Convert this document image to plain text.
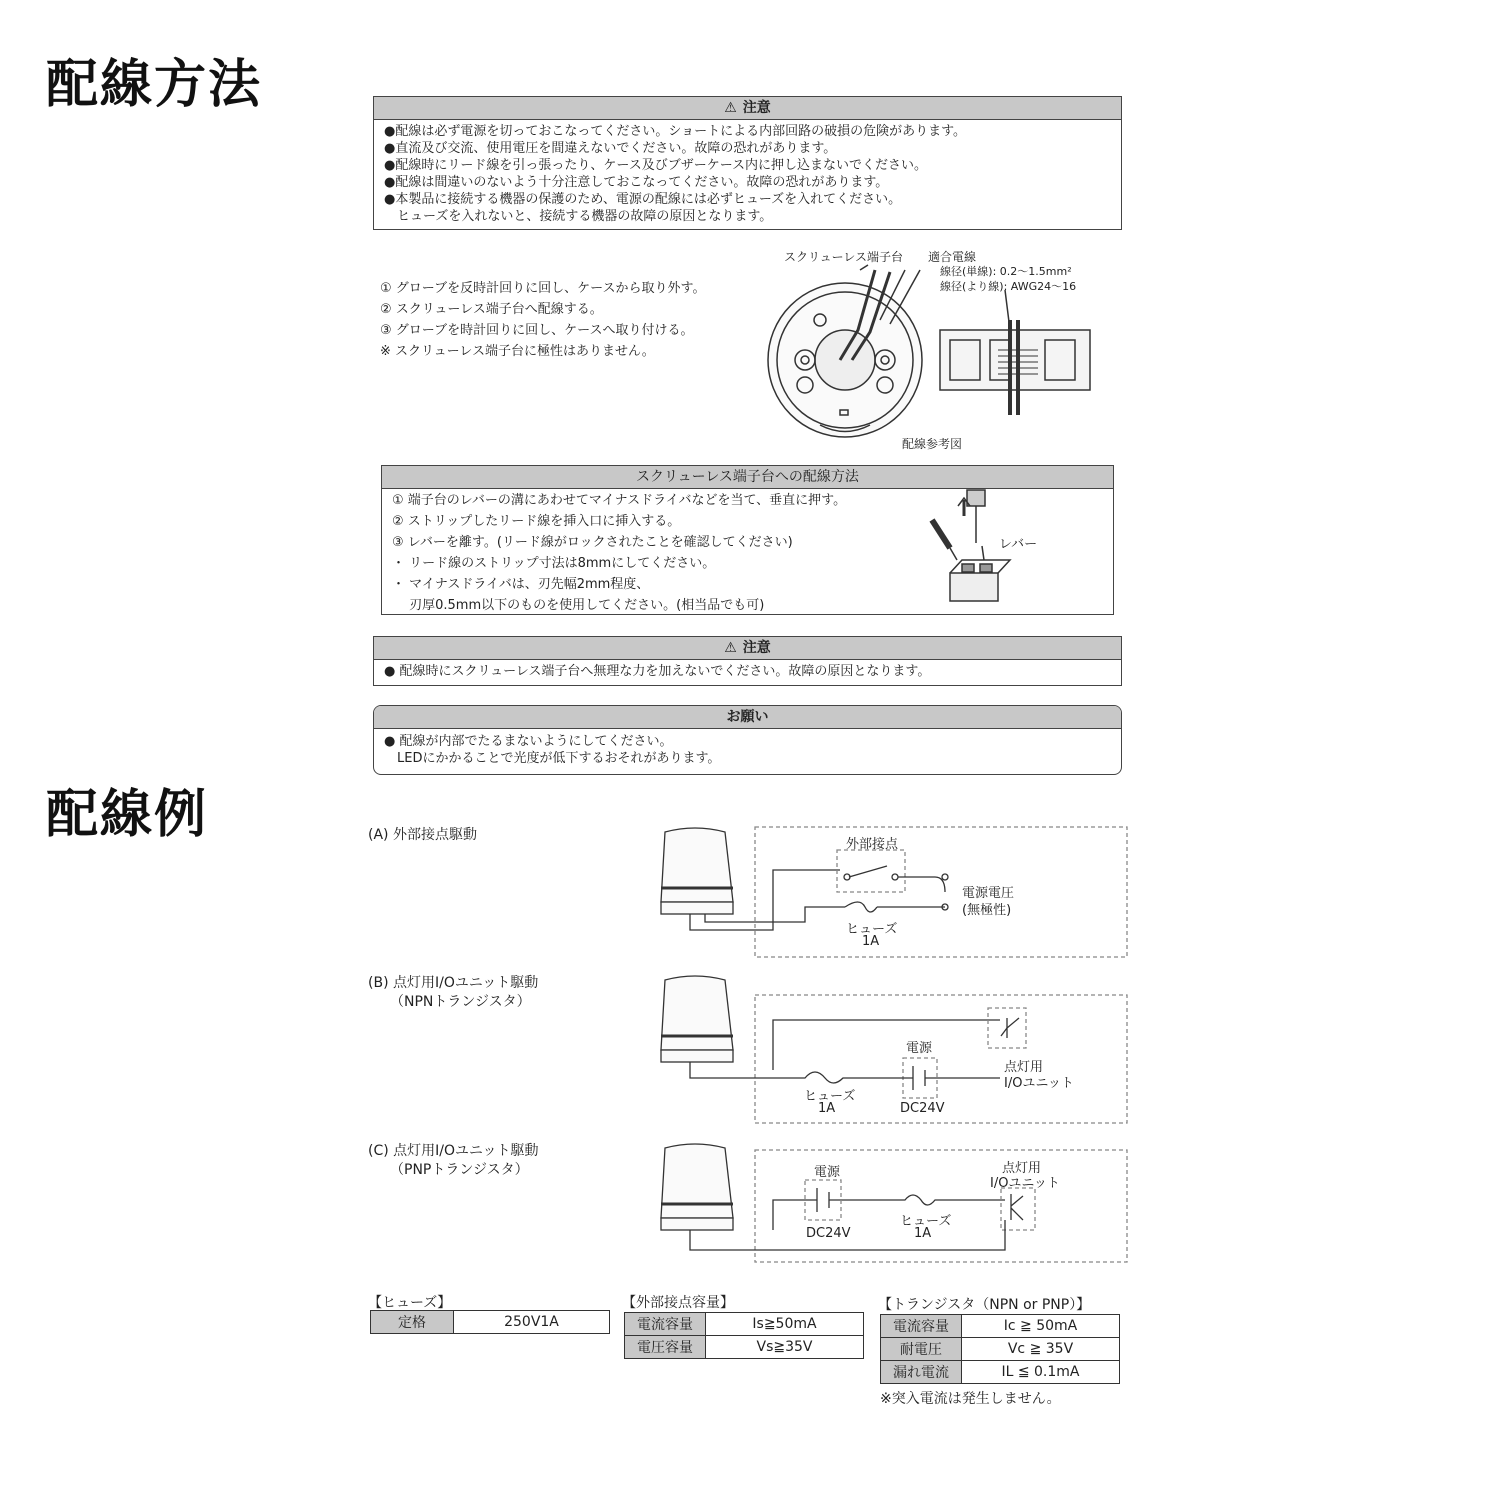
配線方法	⚠ 注意
●配線は必ず電源を切っておこなってください。ショートによる内部回路の破損の危険があります。
●直流及び交流、使用電圧を間違えないでください。故障の恐れがあります。
●配線時にリード線を引っ張ったり、ケース及びブザーケース内に押し込まないでください。
●配線は間違いのないよう十分注意しておこなってください。故障の恐れがあります。
●本製品に接続する機器の保護のため、電源の配線には必ずヒューズを入れてください。
　ヒューズを入れないと、接続する機器の故障の原因となります。
① グローブを反時計回りに回し、ケースから取り外す。
② スクリューレス端子台へ配線する。
③ グローブを時計回りに回し、ケースへ取り付ける。
※ スクリューレス端子台に極性はありません。
スクリューレス端子台 適合電線
線径(単線): 0.2～1.5mm²
線径(より線): AWG24～16
配線参考図
スクリューレス端子台への配線方法
① 端子台のレバーの溝にあわせてマイナスドライバなどを当て、垂直に押す。
② ストリップしたリード線を挿入口に挿入する。
③ レバーを離す。(リード線がロックされたことを確認してください)
・ リード線のストリップ寸法は8mmにしてください。
・ マイナスドライバは、刃先幅2mm程度、
　 刃厚0.5mm以下のものを使用してください。(相当品でも可)
レバー
⚠ 注意
● 配線時にスクリューレス端子台へ無理な力を加えないでください。故障の原因となります。
お願い
● 配線が内部でたるまないようにしてください。
　LEDにかかることで光度が低下するおそれがあります。
配線例	(A) 外部接点駆動
外部接点
電源電圧
(無極性)
ヒューズ
1A
(B) 点灯用I/Oユニット駆動
（NPNトランジスタ）
電源
点灯用
I/Oユニット
ヒューズ
1A	DC24V
(C) 点灯用I/Oユニット駆動
（PNPトランジスタ）	電源	点灯用
I/Oユニット
ヒューズ
1A
DC24V
【ヒューズ】
定格	250V1A
【外部接点容量】
電流容量	Is≧50mA
電圧容量	Vs≧35V
【トランジスタ（NPN or PNP）】
電流容量	Ic ≧ 50mA
耐電圧	Vc ≧ 35V
漏れ電流	IL ≦ 0.1mA
※突入電流は発生しません。
